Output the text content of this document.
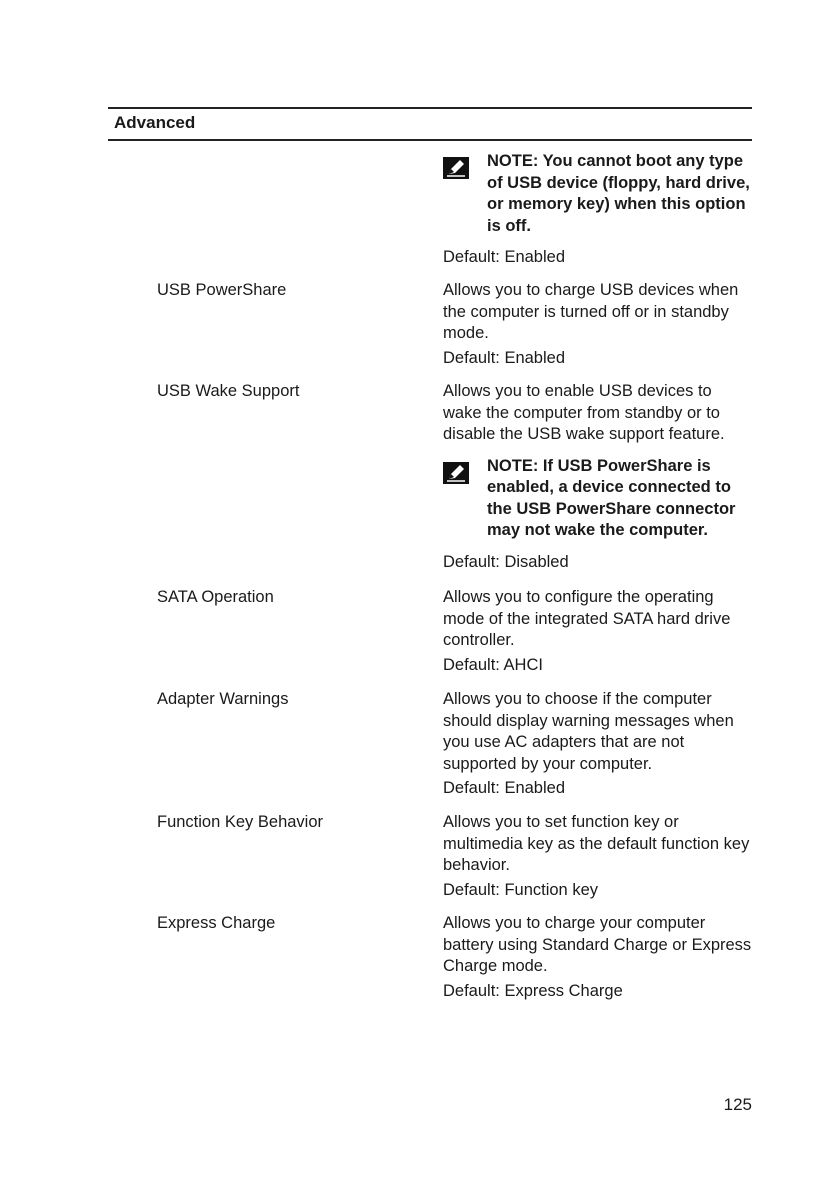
Advanced
NOTE: You cannot boot any type of USB device (floppy, hard drive, or memory key) when this option is off.

Default: Enabled

USB PowerShare	Allows you to charge USB devices when the computer is turned off or in standby mode.

Default: Enabled

USB Wake Support	Allows you to enable USB devices to wake the computer from standby or to disable the USB wake support feature.

NOTE: If USB PowerShare is enabled, a device connected to the USB PowerShare connector may not wake the computer.

Default: Disabled

SATA Operation	Allows you to configure the operating mode of the integrated SATA hard drive controller.

Default: AHCI

Adapter Warnings	Allows you to choose if the computer should display warning messages when you use AC adapters that are not supported by your computer.

Default: Enabled

Function Key Behavior	Allows you to set function key or multimedia key as the default function key behavior.

Default: Function key

Express Charge	Allows you to charge your computer battery using Standard Charge or Express Charge mode.

Default: Express Charge

125
